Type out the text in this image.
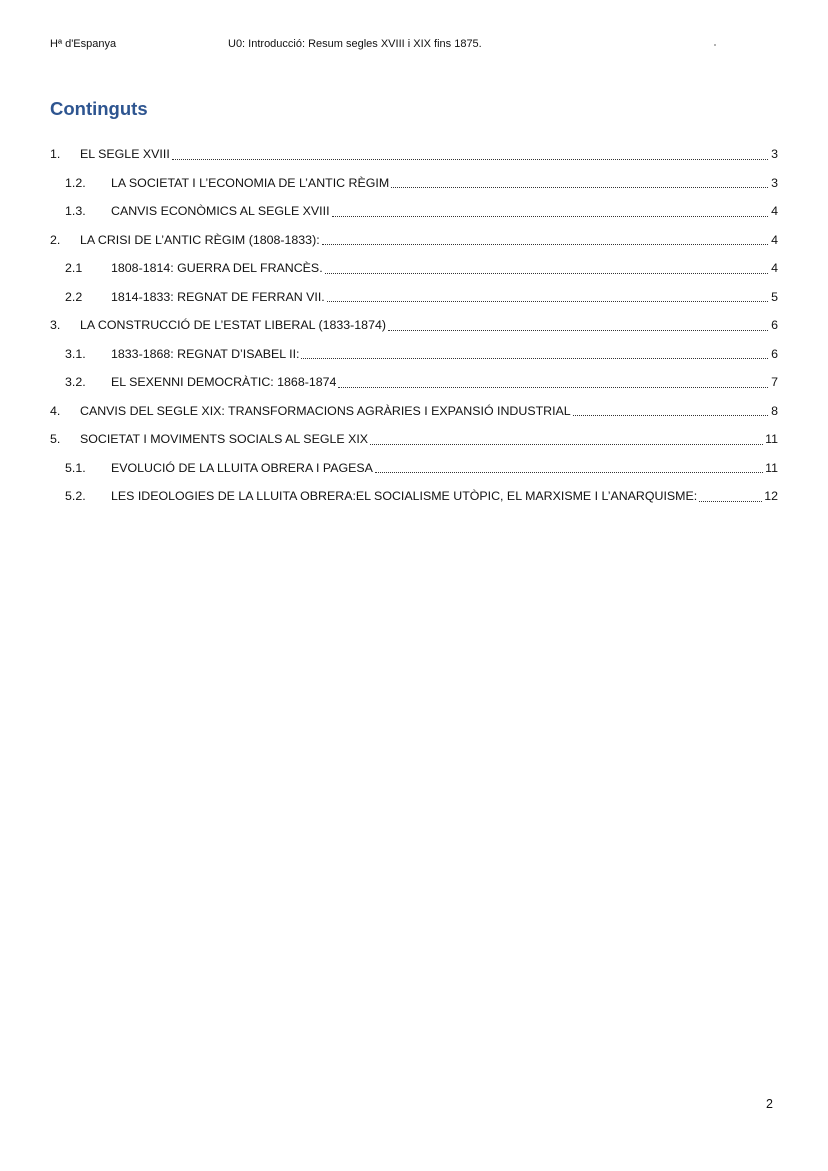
Hª d'Espanya	U0: Introducció: Resum segles XVIII i XIX fins 1875.
Continguts
1.	EL SEGLE XVIII	3
1.2.	LA SOCIETAT I L’ECONOMIA DE L’ANTIC RÈGIM	3
1.3.	CANVIS ECONÒMICS AL SEGLE XVIII	4
2.	LA CRISI DE L’ANTIC RÈGIM (1808-1833):	4
2.1	1808-1814: GUERRA DEL FRANCÈS.	4
2.2	1814-1833: REGNAT DE FERRAN VII.	5
3.	LA CONSTRUCCIÓ DE L’ESTAT LIBERAL (1833-1874)	6
3.1.	1833-1868: REGNAT D’ISABEL II:	6
3.2.	EL SEXENNI DEMOCRÀTIC: 1868-1874	7
4.	CANVIS DEL SEGLE XIX: TRANSFORMACIONS AGRÀRIES I EXPANSIÓ INDUSTRIAL	8
5.	SOCIETAT I MOVIMENTS SOCIALS AL SEGLE XIX	11
5.1.	EVOLUCIÓ DE LA LLUITA OBRERA I PAGESA	11
5.2.	LES IDEOLOGIES DE LA LLUITA OBRERA:EL SOCIALISME UTÒPIC, EL MARXISME I L’ANARQUISME:	12
2
